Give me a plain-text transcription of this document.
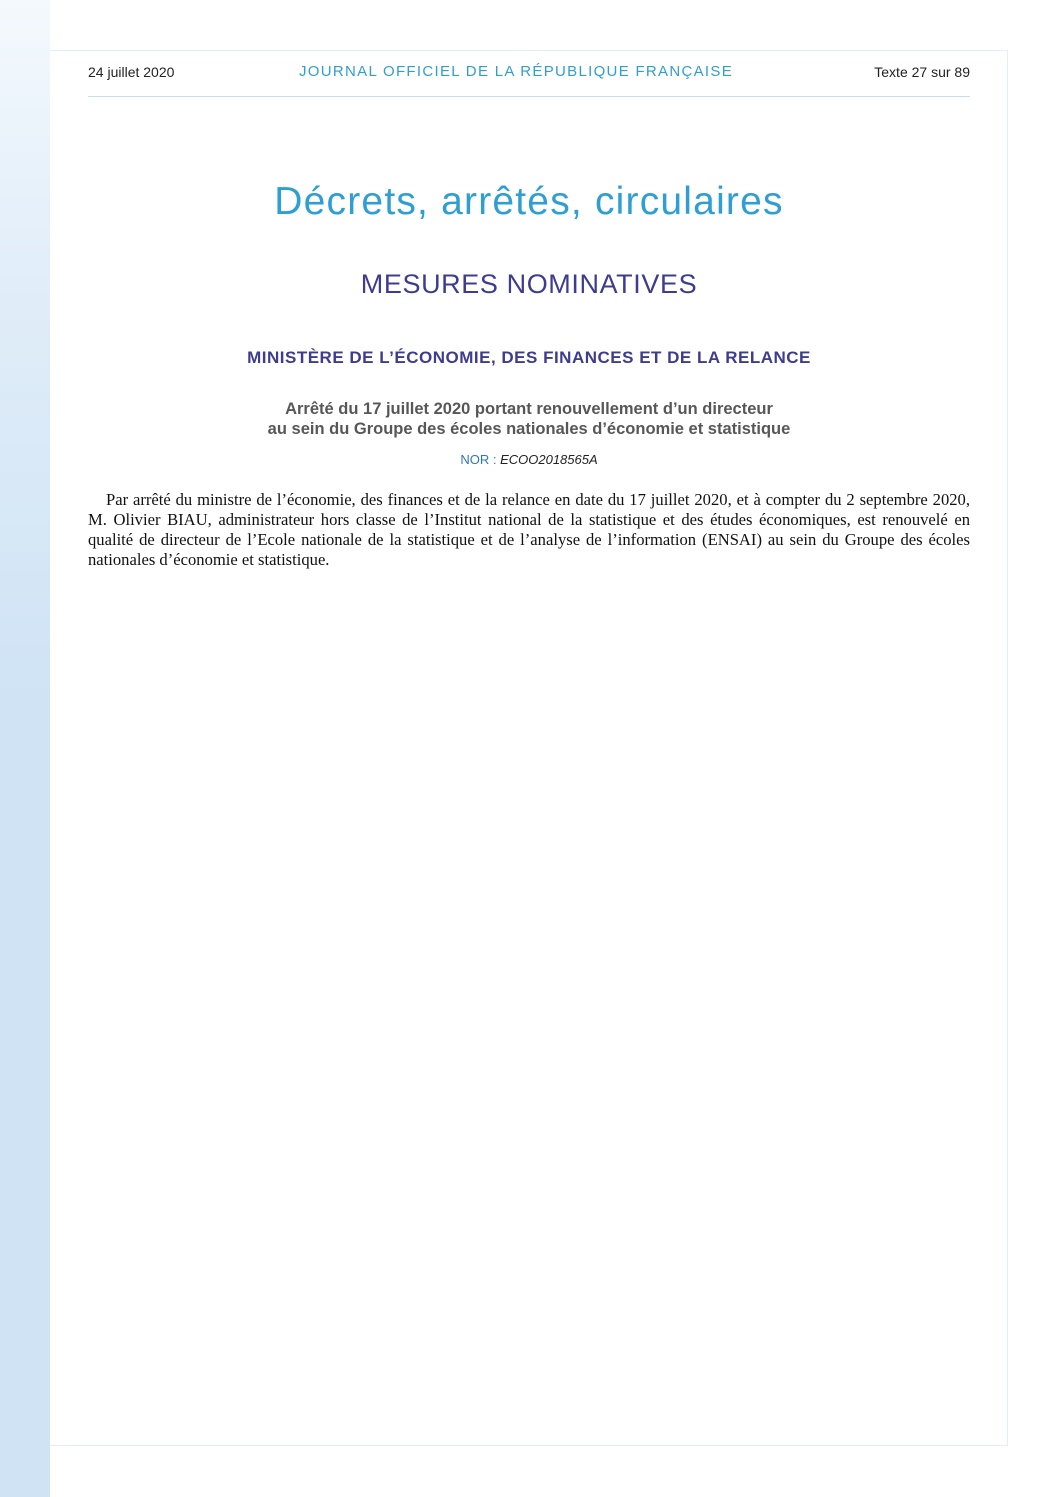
24 juillet 2020	JOURNAL OFFICIEL DE LA RÉPUBLIQUE FRANÇAISE	Texte 27 sur 89
Décrets, arrêtés, circulaires
MESURES NOMINATIVES
MINISTÈRE DE L’ÉCONOMIE, DES FINANCES ET DE LA RELANCE
Arrêté du 17 juillet 2020 portant renouvellement d’un directeur
au sein du Groupe des écoles nationales d’économie et statistique
NOR : ECOO2018565A

Par arrêté du ministre de l’économie, des finances et de la relance en date du 17 juillet 2020, et à compter du 2 septembre 2020, M. Olivier BIAU, administrateur hors classe de l’Institut national de la statistique et des études économiques, est renouvelé en qualité de directeur de l’Ecole nationale de la statistique et de l’analyse de l’information (ENSAI) au sein du Groupe des écoles nationales d’économie et statistique.
